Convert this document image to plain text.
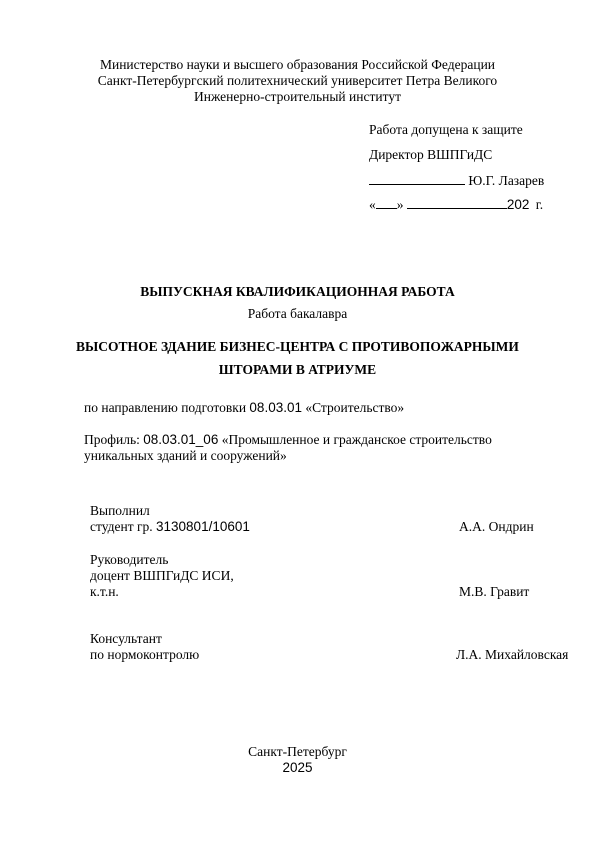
Министерство науки и высшего образования Российской Федерации
Санкт-Петербургский политехнический университет Петра Великого
Инженерно-строительный институт
Работа допущена к защите
Директор ВШПГиДС
Ю.Г. Лазарев
« »	202 г.
ВЫПУСКНАЯ КВАЛИФИКАЦИОННАЯ РАБОТА
Работа бакалавра
ВЫСОТНОЕ ЗДАНИЕ БИЗНЕС-ЦЕНТРА С ПРОТИВОПОЖАРНЫМИ
ШТОРАМИ В АТРИУМЕ
по направлению подготовки 08.03.01 «Строительство»
Профиль: 08.03.01_06 «Промышленное и гражданское строительство
уникальных зданий и сооружений»
Выполнил
студент гр. 3130801/10601	А.А. Ондрин
Руководитель
доцент ВШПГиДС ИСИ,
к.т.н.	М.В. Гравит
Консультант
по нормоконтролю	Л.А. Михайловская
Санкт-Петербург
2025
